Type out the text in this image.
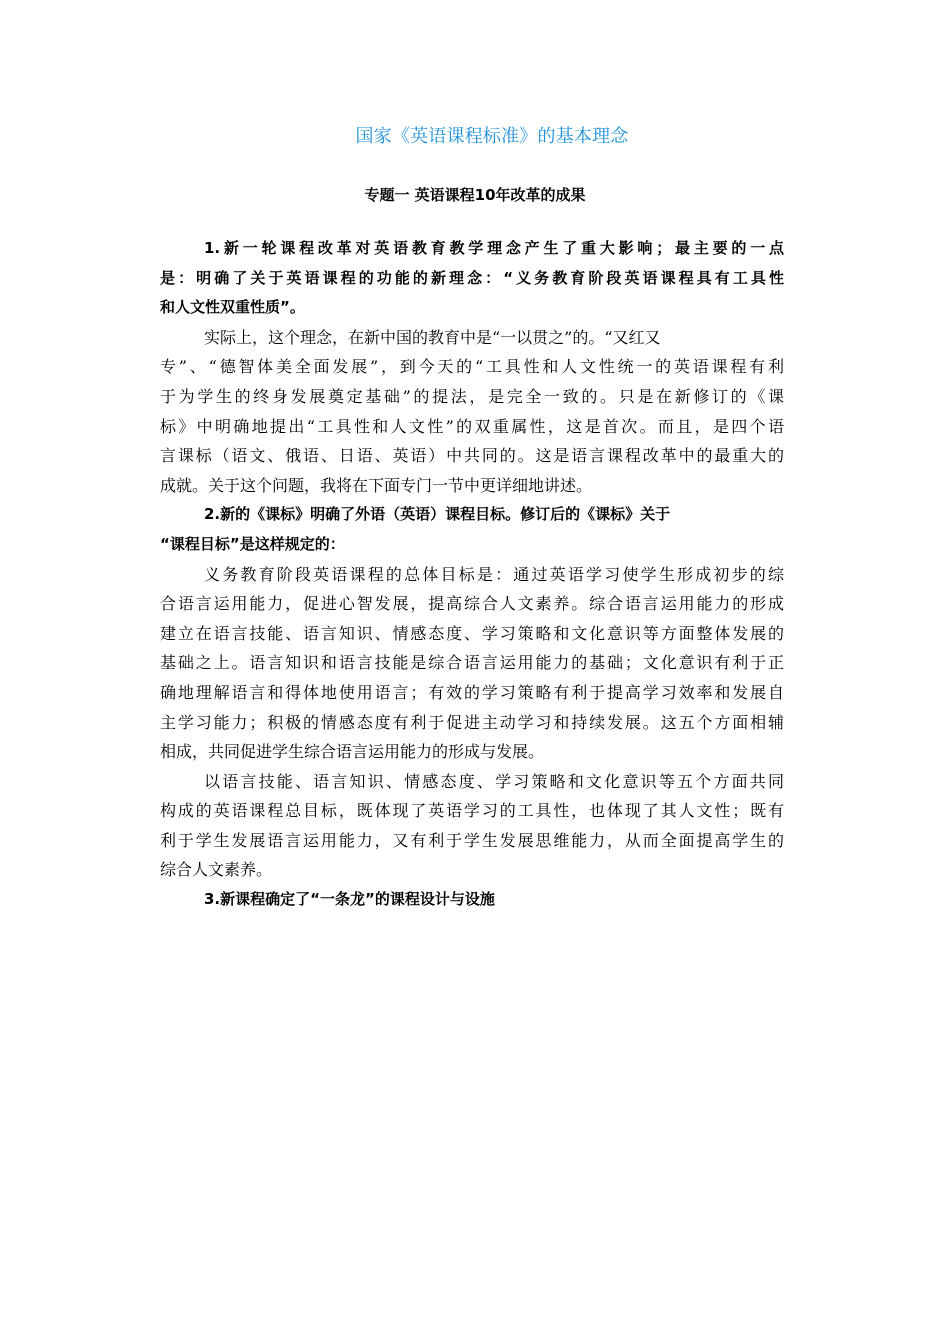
国家《英语课程标准》的基本理念
专题一 英语课程10年改革的成果
1.新一轮课程改革对英语教育教学理念产生了重大影响；最主要的一点
是：明确了关于英语课程的功能的新理念：“义务教育阶段英语课程具有工具性
和人文性双重性质”。
实际上，这个理念，在新中国的教育中是“一以贯之”的。“又红又
专”、“德智体美全面发展”，到今天的“工具性和人文性统一的英语课程有利
于为学生的终身发展奠定基础”的提法，是完全一致的。只是在新修订的《课
标》中明确地提出“工具性和人文性”的双重属性，这是首次。而且，是四个语
言课标（语文、俄语、日语、英语）中共同的。这是语言课程改革中的最重大的
成就。关于这个问题，我将在下面专门一节中更详细地讲述。
2.新的《课标》明确了外语（英语）课程目标。修订后的《课标》关于
“课程目标”是这样规定的：
义务教育阶段英语课程的总体目标是：通过英语学习使学生形成初步的综
合语言运用能力，促进心智发展，提高综合人文素养。综合语言运用能力的形成
建立在语言技能、语言知识、情感态度、学习策略和文化意识等方面整体发展的
基础之上。语言知识和语言技能是综合语言运用能力的基础；文化意识有利于正
确地理解语言和得体地使用语言；有效的学习策略有利于提高学习效率和发展自
主学习能力；积极的情感态度有利于促进主动学习和持续发展。这五个方面相辅
相成，共同促进学生综合语言运用能力的形成与发展。
以语言技能、语言知识、情感态度、学习策略和文化意识等五个方面共同
构成的英语课程总目标，既体现了英语学习的工具性，也体现了其人文性；既有
利于学生发展语言运用能力，又有利于学生发展思维能力，从而全面提高学生的
综合人文素养。
3.新课程确定了“一条龙”的课程设计与设施
